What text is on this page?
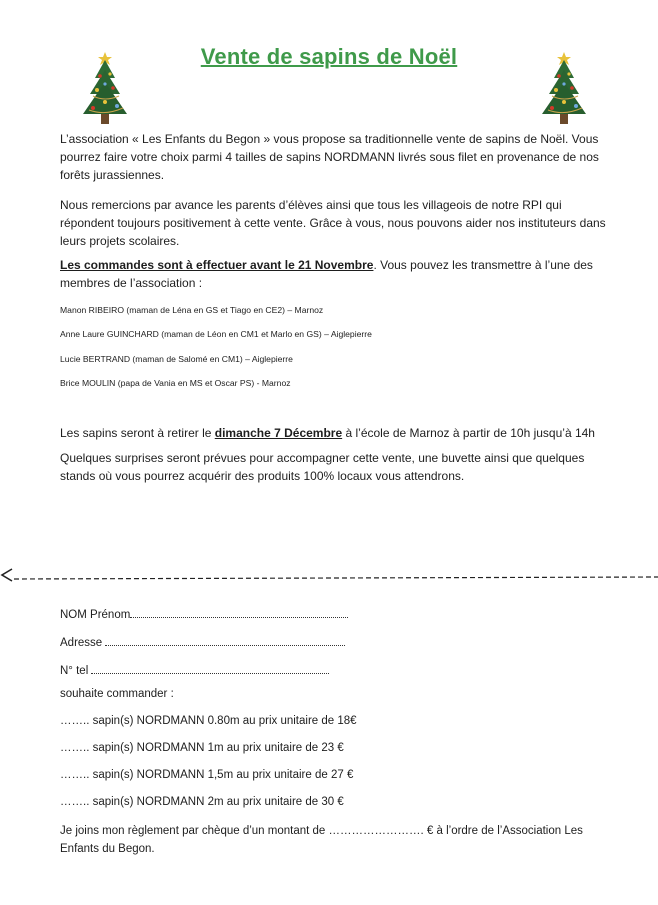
Vente de sapins de Noël
L’association « Les Enfants du Begon » vous propose sa traditionnelle vente de sapins de Noël. Vous pourrez faire votre choix parmi 4 tailles de sapins NORDMANN livrés sous filet en provenance de nos forêts jurassiennes.
Nous remercions par avance les parents d’élèves ainsi que tous les villageois de notre RPI qui répondent toujours positivement à cette vente. Grâce à vous, nous pouvons aider nos instituteurs dans leurs projets scolaires.
Les commandes sont à effectuer avant le 21 Novembre. Vous pouvez les transmettre à l’une des membres de l’association :
Manon RIBEIRO (maman de Léna en GS et Tiago en CE2) – Marnoz
Anne Laure GUINCHARD (maman de Léon en CM1 et Marlo en GS) – Aiglepierre
Lucie BERTRAND (maman de Salomé en CM1) – Aiglepierre
Brice MOULIN (papa de Vania en MS et Oscar PS) - Marnoz
Les sapins seront à retirer le dimanche 7 Décembre à l’école de Marnoz à partir de 10h jusqu’à 14h
Quelques surprises seront prévues pour accompagner cette vente, une buvette ainsi que quelques stands où vous pourrez acquérir des produits 100% locaux vous attendrons.
NOM Prénom
Adresse
N° tel
souhaite commander :
…….. sapin(s) NORDMANN 0.80m au prix unitaire de 18€
…….. sapin(s) NORDMANN 1m au prix unitaire de 23 €
…….. sapin(s) NORDMANN 1,5m au prix unitaire de 27 €
…….. sapin(s) NORDMANN 2m au prix unitaire de 30 €
Je joins mon règlement par chèque d’un montant de ……………………. € à l’ordre de l’Association Les Enfants du Begon.
